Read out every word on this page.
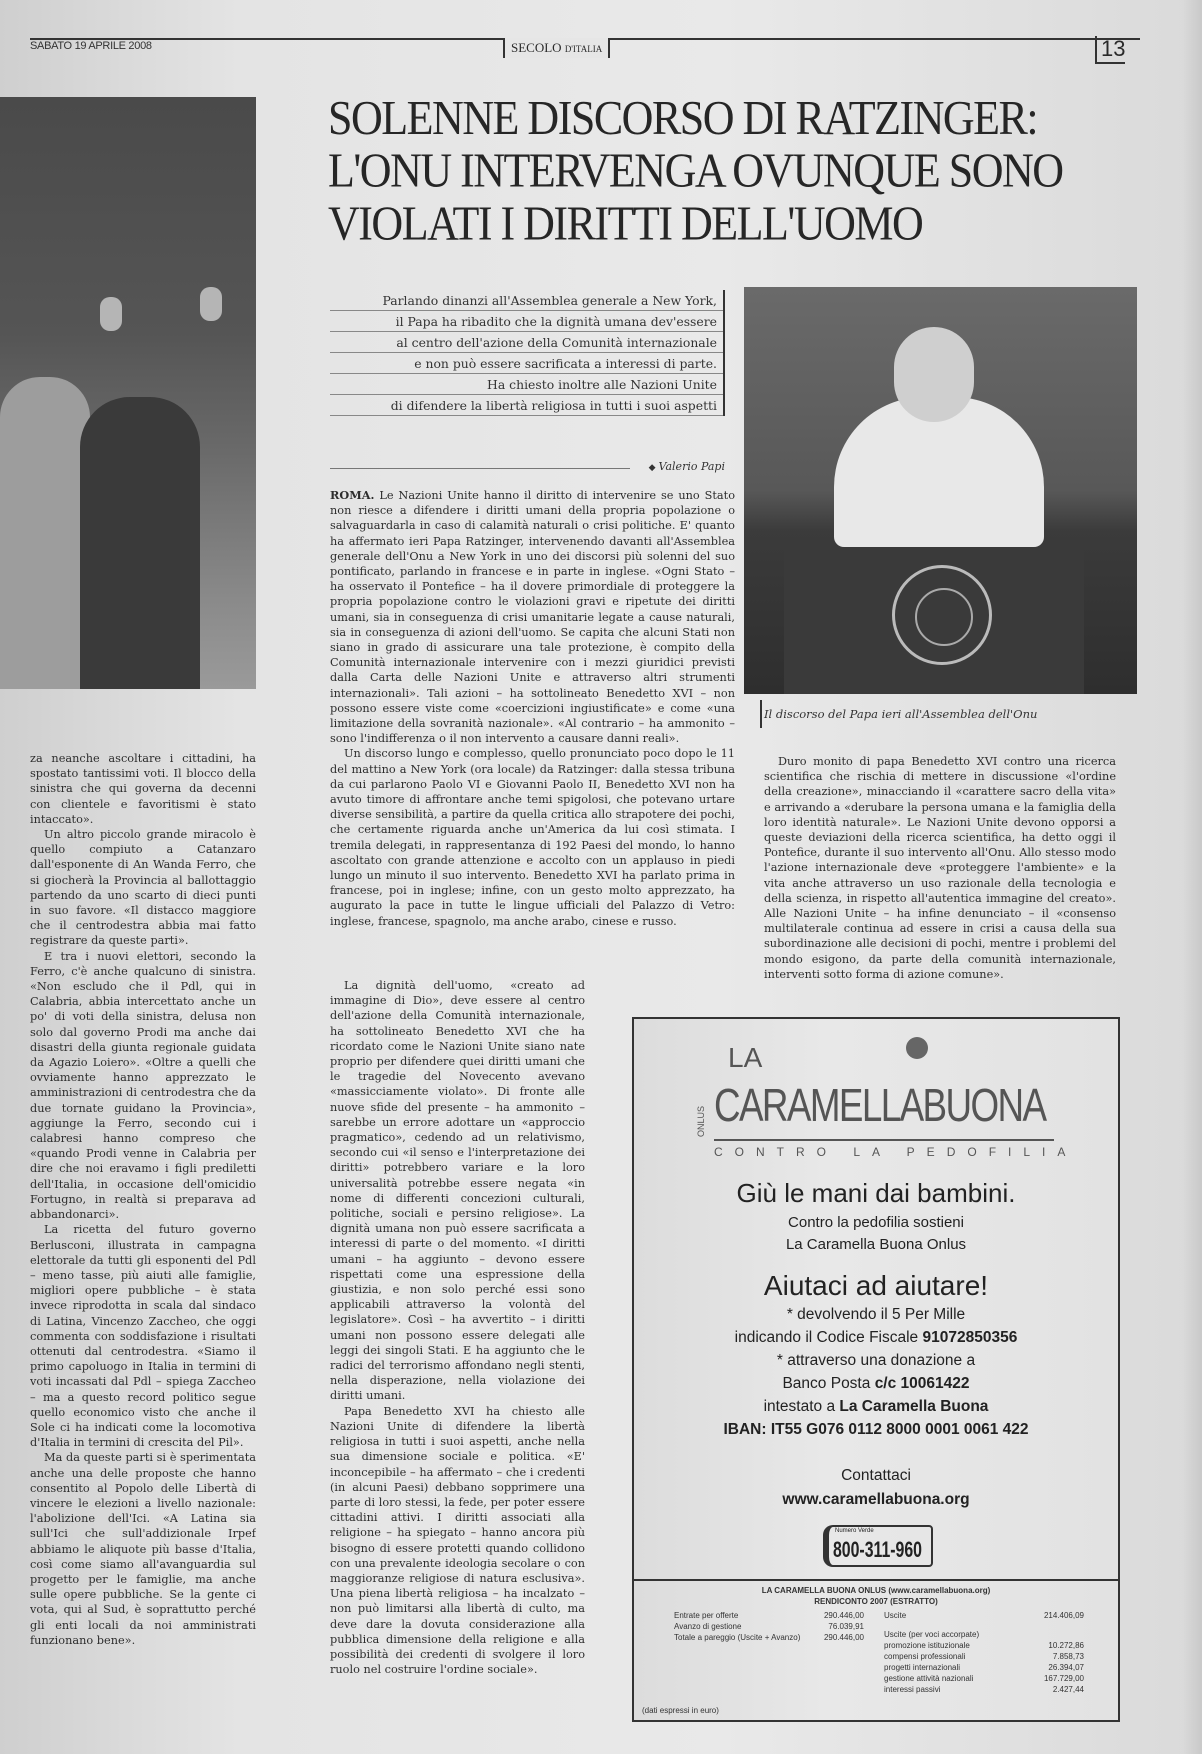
SABATO 19 APRILE 2008	SECOLO D'ITALIA	13
SOLENNE DISCORSO DI RATZINGER:
L'ONU INTERVENGA OVUNQUE SONO
VIOLATI I DIRITTI DELL'UOMO
Parlando dinanzi all'Assemblea generale a New York,
il Papa ha ribadito che la dignità umana dev'essere
al centro dell'azione della Comunità internazionale
e non può essere sacrificata a interessi di parte.
Ha chiesto inoltre alle Nazioni Unite
di difendere la libertà religiosa in tutti i suoi aspetti
◆ Valerio Papi
Il discorso del Papa ieri all'Assemblea dell'Onu

za neanche ascoltare i cittadini, ha spostato tantissimi voti. Il blocco della sinistra che qui governa da decenni con clientele e favoritismi è stato intaccato».

Un altro piccolo grande miracolo è quello compiuto a Catanzaro dall'esponente di An Wanda Ferro, che si giocherà la Provincia al ballottaggio partendo da uno scarto di dieci punti in suo favore. «Il distacco maggiore che il centrodestra abbia mai fatto registrare da queste parti».

E tra i nuovi elettori, secondo la Ferro, c'è anche qualcuno di sinistra. «Non escludo che il Pdl, qui in Calabria, abbia intercettato anche un po' di voti della sinistra, delusa non solo dal governo Prodi ma anche dai disastri della giunta regionale guidata da Agazio Loiero». «Oltre a quelli che ovviamente hanno apprezzato le amministrazioni di centrodestra che da due tornate guidano la Provincia», aggiunge la Ferro, secondo cui i calabresi hanno compreso che «quando Prodi venne in Calabria per dire che noi eravamo i figli prediletti dell'Italia, in occasione dell'omicidio Fortugno, in realtà si preparava ad abbandonarci».

La ricetta del futuro governo Berlusconi, illustrata in campagna elettorale da tutti gli esponenti del Pdl – meno tasse, più aiuti alle famiglie, migliori opere pubbliche – è stata invece riprodotta in scala dal sindaco di Latina, Vincenzo Zaccheo, che oggi commenta con soddisfazione i risultati ottenuti dal centrodestra. «Siamo il primo capoluogo in Italia in termini di voti incassati dal Pdl – spiega Zaccheo – ma a questo record politico segue quello economico visto che anche il Sole ci ha indicati come la locomotiva d'Italia in termini di crescita del Pil».

Ma da queste parti si è sperimentata anche una delle proposte che hanno consentito al Popolo delle Libertà di vincere le elezioni a livello nazionale: l'abolizione dell'Ici. «A Latina sia sull'Ici che sull'addizionale Irpef abbiamo le aliquote più basse d'Italia, così come siamo all'avanguardia sul progetto per le famiglie, ma anche sulle opere pubbliche. Se la gente ci vota, qui al Sud, è soprattutto perché gli enti locali da noi amministrati funzionano bene».

ROMA. Le Nazioni Unite hanno il diritto di intervenire se uno Stato non riesce a difendere i diritti umani della propria popolazione o salvaguardarla in caso di calamità naturali o crisi politiche. E' quanto ha affermato ieri Papa Ratzinger, intervenendo davanti all'Assemblea generale dell'Onu a New York in uno dei discorsi più solenni del suo pontificato, parlando in francese e in parte in inglese. «Ogni Stato – ha osservato il Pontefice – ha il dovere primordiale di proteggere la propria popolazione contro le violazioni gravi e ripetute dei diritti umani, sia in conseguenza di crisi umanitarie legate a cause naturali, sia in conseguenza di azioni dell'uomo. Se capita che alcuni Stati non siano in grado di assicurare una tale protezione, è compito della Comunità internazionale intervenire con i mezzi giuridici previsti dalla Carta delle Nazioni Unite e attraverso altri strumenti internazionali». Tali azioni – ha sottolineato Benedetto XVI – non possono essere viste come «coercizioni ingiustificate» e come «una limitazione della sovranità nazionale». «Al contrario – ha ammonito – sono l'indifferenza o il non intervento a causare danni reali».

Un discorso lungo e complesso, quello pronunciato poco dopo le 11 del mattino a New York (ora locale) da Ratzinger: dalla stessa tribuna da cui parlarono Paolo VI e Giovanni Paolo II, Benedetto XVI non ha avuto timore di affrontare anche temi spigolosi, che potevano urtare diverse sensibilità, a partire da quella critica allo strapotere dei pochi, che certamente riguarda anche un'America da lui così stimata. I tremila delegati, in rappresentanza di 192 Paesi del mondo, lo hanno ascoltato con grande attenzione e accolto con un applauso in piedi lungo un minuto il suo intervento. Benedetto XVI ha parlato prima in francese, poi in inglese; infine, con un gesto molto apprezzato, ha augurato la pace in tutte le lingue ufficiali del Palazzo di Vetro: inglese, francese, spagnolo, ma anche arabo, cinese e russo.

La dignità dell'uomo, «creato ad immagine di Dio», deve essere al centro dell'azione della Comunità internazionale, ha sottolineato Benedetto XVI che ha ricordato come le Nazioni Unite siano nate proprio per difendere quei diritti umani che le tragedie del Novecento avevano «massicciamente violato». Di fronte alle nuove sfide del presente – ha ammonito – sarebbe un errore adottare un «approccio pragmatico», cedendo ad un relativismo, secondo cui «il senso e l'interpretazione dei diritti» potrebbero variare e la loro universalità potrebbe essere negata «in nome di differenti concezioni culturali, politiche, sociali e persino religiose». La dignità umana non può essere sacrificata a interessi di parte o del momento. «I diritti umani – ha aggiunto – devono essere rispettati come una espressione della giustizia, e non solo perché essi sono applicabili attraverso la volontà del legislatore». Così – ha avvertito – i diritti umani non possono essere delegati alle leggi dei singoli Stati. E ha aggiunto che le radici del terrorismo affondano negli stenti, nella disperazione, nella violazione dei diritti umani.

Papa Benedetto XVI ha chiesto alle Nazioni Unite di difendere la libertà religiosa in tutti i suoi aspetti, anche nella sua dimensione sociale e politica. «E' inconcepibile – ha affermato – che i credenti (in alcuni Paesi) debbano sopprimere una parte di loro stessi, la fede, per poter essere cittadini attivi. I diritti associati alla religione – ha spiegato – hanno ancora più bisogno di essere protetti quando collidono con una prevalente ideologia secolare o con maggioranze religiose di natura esclusiva». Una piena libertà religiosa – ha incalzato – non può limitarsi alla libertà di culto, ma deve dare la dovuta considerazione alla pubblica dimensione della religione e alla possibilità dei credenti di svolgere il loro ruolo nel costruire l'ordine sociale».

Duro monito di papa Benedetto XVI contro una ricerca scientifica che rischia di mettere in discussione «l'ordine della creazione», minacciando il «carattere sacro della vita» e arrivando a «derubare la persona umana e la famiglia della loro identità naturale». Le Nazioni Unite devono opporsi a queste deviazioni della ricerca scientifica, ha detto oggi il Pontefice, durante il suo intervento all'Onu. Allo stesso modo l'azione internazionale deve «proteggere l'ambiente» e la vita anche attraverso un uso razionale della tecnologia e della scienza, in rispetto all'autentica immagine del creato». Alle Nazioni Unite – ha infine denunciato – il «consenso multilaterale continua ad essere in crisi a causa della sua subordinazione alle decisioni di pochi, mentre i problemi del mondo esigono, da parte della comunità internazionale, interventi sotto forma di azione comune».

LA
ONLUS CARAMELLABUONA
CONTRO LA PEDOFILIA
Giù le mani dai bambini.
Contro la pedofilia sostieni
La Caramella Buona Onlus
Aiutaci ad aiutare!
* devolvendo il 5 Per Mille
indicando il Codice Fiscale 91072850356
* attraverso una donazione a
Banco Posta c/c 10061422
intestato a La Caramella Buona
IBAN: IT55 G076 0112 8000 0001 0061 422
Contattaci
www.caramellabuona.org
Numero Verde
800-311-960
LA CARAMELLA BUONA ONLUS (www.caramellabuona.org)
RENDICONTO 2007 (ESTRATTO)
Entrate per offerte	290.446,00
Avanzo di gestione	76.039,91
Totale a pareggio (Uscite + Avanzo)	290.446,00
Uscite	214.406,09
Uscite (per voci accorpate)
promozione istituzionale	10.272,86
compensi professionali	7.858,73
progetti internazionali	26.394,07
gestione attività nazionali	167.729,00
interessi passivi	2.427,44
(dati espressi in euro)
